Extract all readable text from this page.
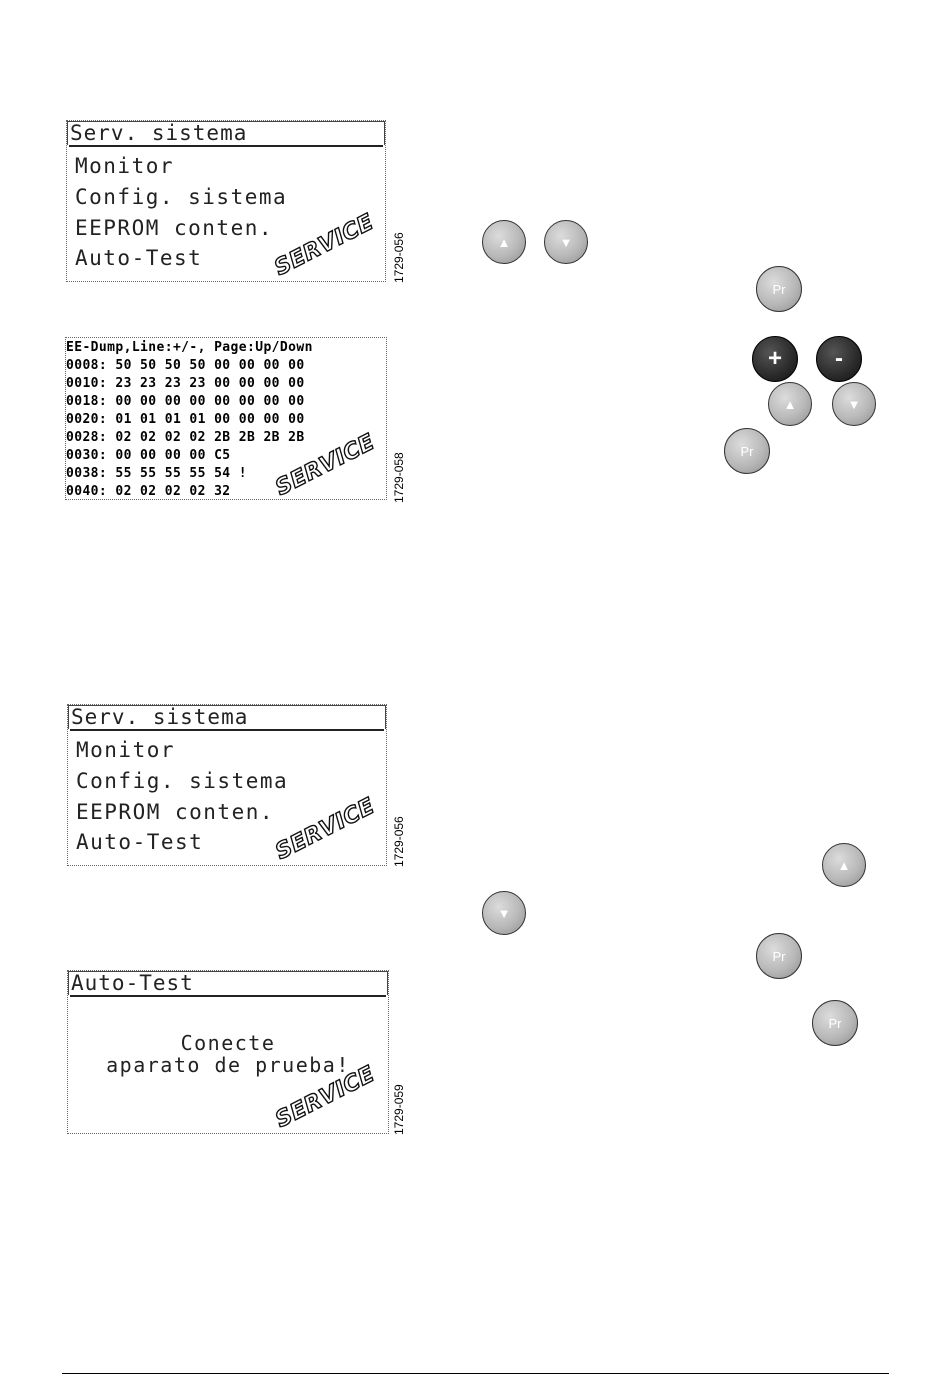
Serv. sistema
Monitor
Config. sistema
EEPROM conten.
Auto-Test	SERVICE 1729-056
EE-Dump,Line:+/-, Page:Up/Down
0008: 50 50 50 50 00 00 00 00
0010: 23 23 23 23 00 00 00 00
0018: 00 00 00 00 00 00 00 00
0020: 01 01 01 01 00 00 00 00
0028: 02 02 02 02 2B 2B 2B 2B
0030: 00 00 00 00 C5
0038: 55 55 55 55 54 !
0040: 02 02 02 02 32 SERVICE 1729-058
Serv. sistema
Monitor
Config. sistema
EEPROM conten.
Auto-Test	SERVICE 1729-056
Auto-Test
Conecte
aparato de prueba!
SERVICE 1729-059
▲	▼
Pr
+ -
▲	▼
Pr
▲
▼
Pr
Pr
